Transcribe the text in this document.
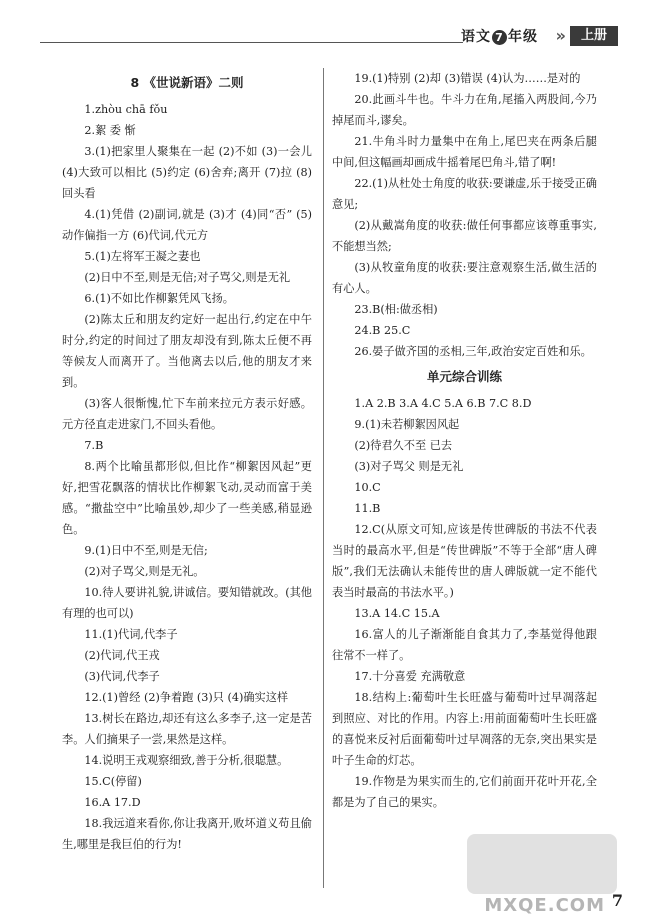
语文 7 年级 »	上册
8 《世说新语》二则

1.zhòu chā fǒu

2.絮 委 惭

3.(1)把家里人聚集在一起 (2)不如 (3)一会儿 (4)大致可以相比 (5)约定 (6)舍弃;离开 (7)拉 (8)回头看

4.(1)凭借 (2)副词,就是 (3)才 (4)同“否” (5)动作偏指一方 (6)代词,代元方

5.(1)左将军王凝之妻也

(2)日中不至,则是无信;对子骂父,则是无礼

6.(1)不如比作柳絮凭风飞扬。

(2)陈太丘和朋友约定好一起出行,约定在中午时分,约定的时间过了朋友却没有到,陈太丘便不再等候友人而离开了。当他离去以后,他的朋友才来到。

(3)客人很惭愧,忙下车前来拉元方表示好感。元方径直走进家门,不回头看他。

7.B

8.两个比喻虽都形似,但比作“柳絮因风起”更好,把雪花飘落的情状比作柳絮飞动,灵动而富于美感。“撒盐空中”比喻虽妙,却少了一些美感,稍显逊色。

9.(1)日中不至,则是无信;

(2)对子骂父,则是无礼。

10.待人要讲礼貌,讲诚信。要知错就改。(其他有理的也可以)

11.(1)代词,代李子

(2)代词,代王戎

(3)代词,代李子

12.(1)曾经 (2)争着跑 (3)只 (4)确实这样

13.树长在路边,却还有这么多李子,这一定是苦李。人们摘果子一尝,果然是这样。

14.说明王戎观察细致,善于分析,很聪慧。

15.C(停留)

16.A 17.D

18.我远道来看你,你让我离开,败坏道义苟且偷生,哪里是我巨伯的行为!

19.(1)特别 (2)却 (3)错误 (4)认为……是对的

20.此画斗牛也。牛斗力在角,尾搐入两股间,今乃掉尾而斗,谬矣。

21.牛角斗时力量集中在角上,尾巴夹在两条后腿中间,但这幅画却画成牛摇着尾巴角斗,错了啊!

22.(1)从杜处士角度的收获:要谦虚,乐于接受正确意见;

(2)从戴嵩角度的收获:做任何事都应该尊重事实,不能想当然;

(3)从牧童角度的收获:要注意观察生活,做生活的有心人。

23.B(相:做丞相)

24.B 25.C

26.晏子做齐国的丞相,三年,政治安定百姓和乐。

单元综合训练

1.A 2.B 3.A 4.C 5.A 6.B 7.C 8.D

9.(1)未若柳絮因风起

(2)待君久不至 已去

(3)对子骂父 则是无礼

10.C

11.B

12.C(从原文可知,应该是传世碑版的书法不代表当时的最高水平,但是“传世碑版”不等于全部“唐人碑版”,我们无法确认未能传世的唐人碑版就一定不能代表当时最高的书法水平。)

13.A 14.C 15.A

16.富人的儿子渐渐能自食其力了,李基觉得他跟往常不一样了。

17.十分喜爱 充满敬意

18.结构上:葡萄叶生长旺盛与葡萄叶过早凋落起到照应、对比的作用。内容上:用前面葡萄叶生长旺盛的喜悦来反衬后面葡萄叶过早凋落的无奈,突出果实是叶子生命的灯芯。

19.作物是为果实而生的,它们前面开花叶开花,全都是为了自己的果实。

MXQE.COM 7
